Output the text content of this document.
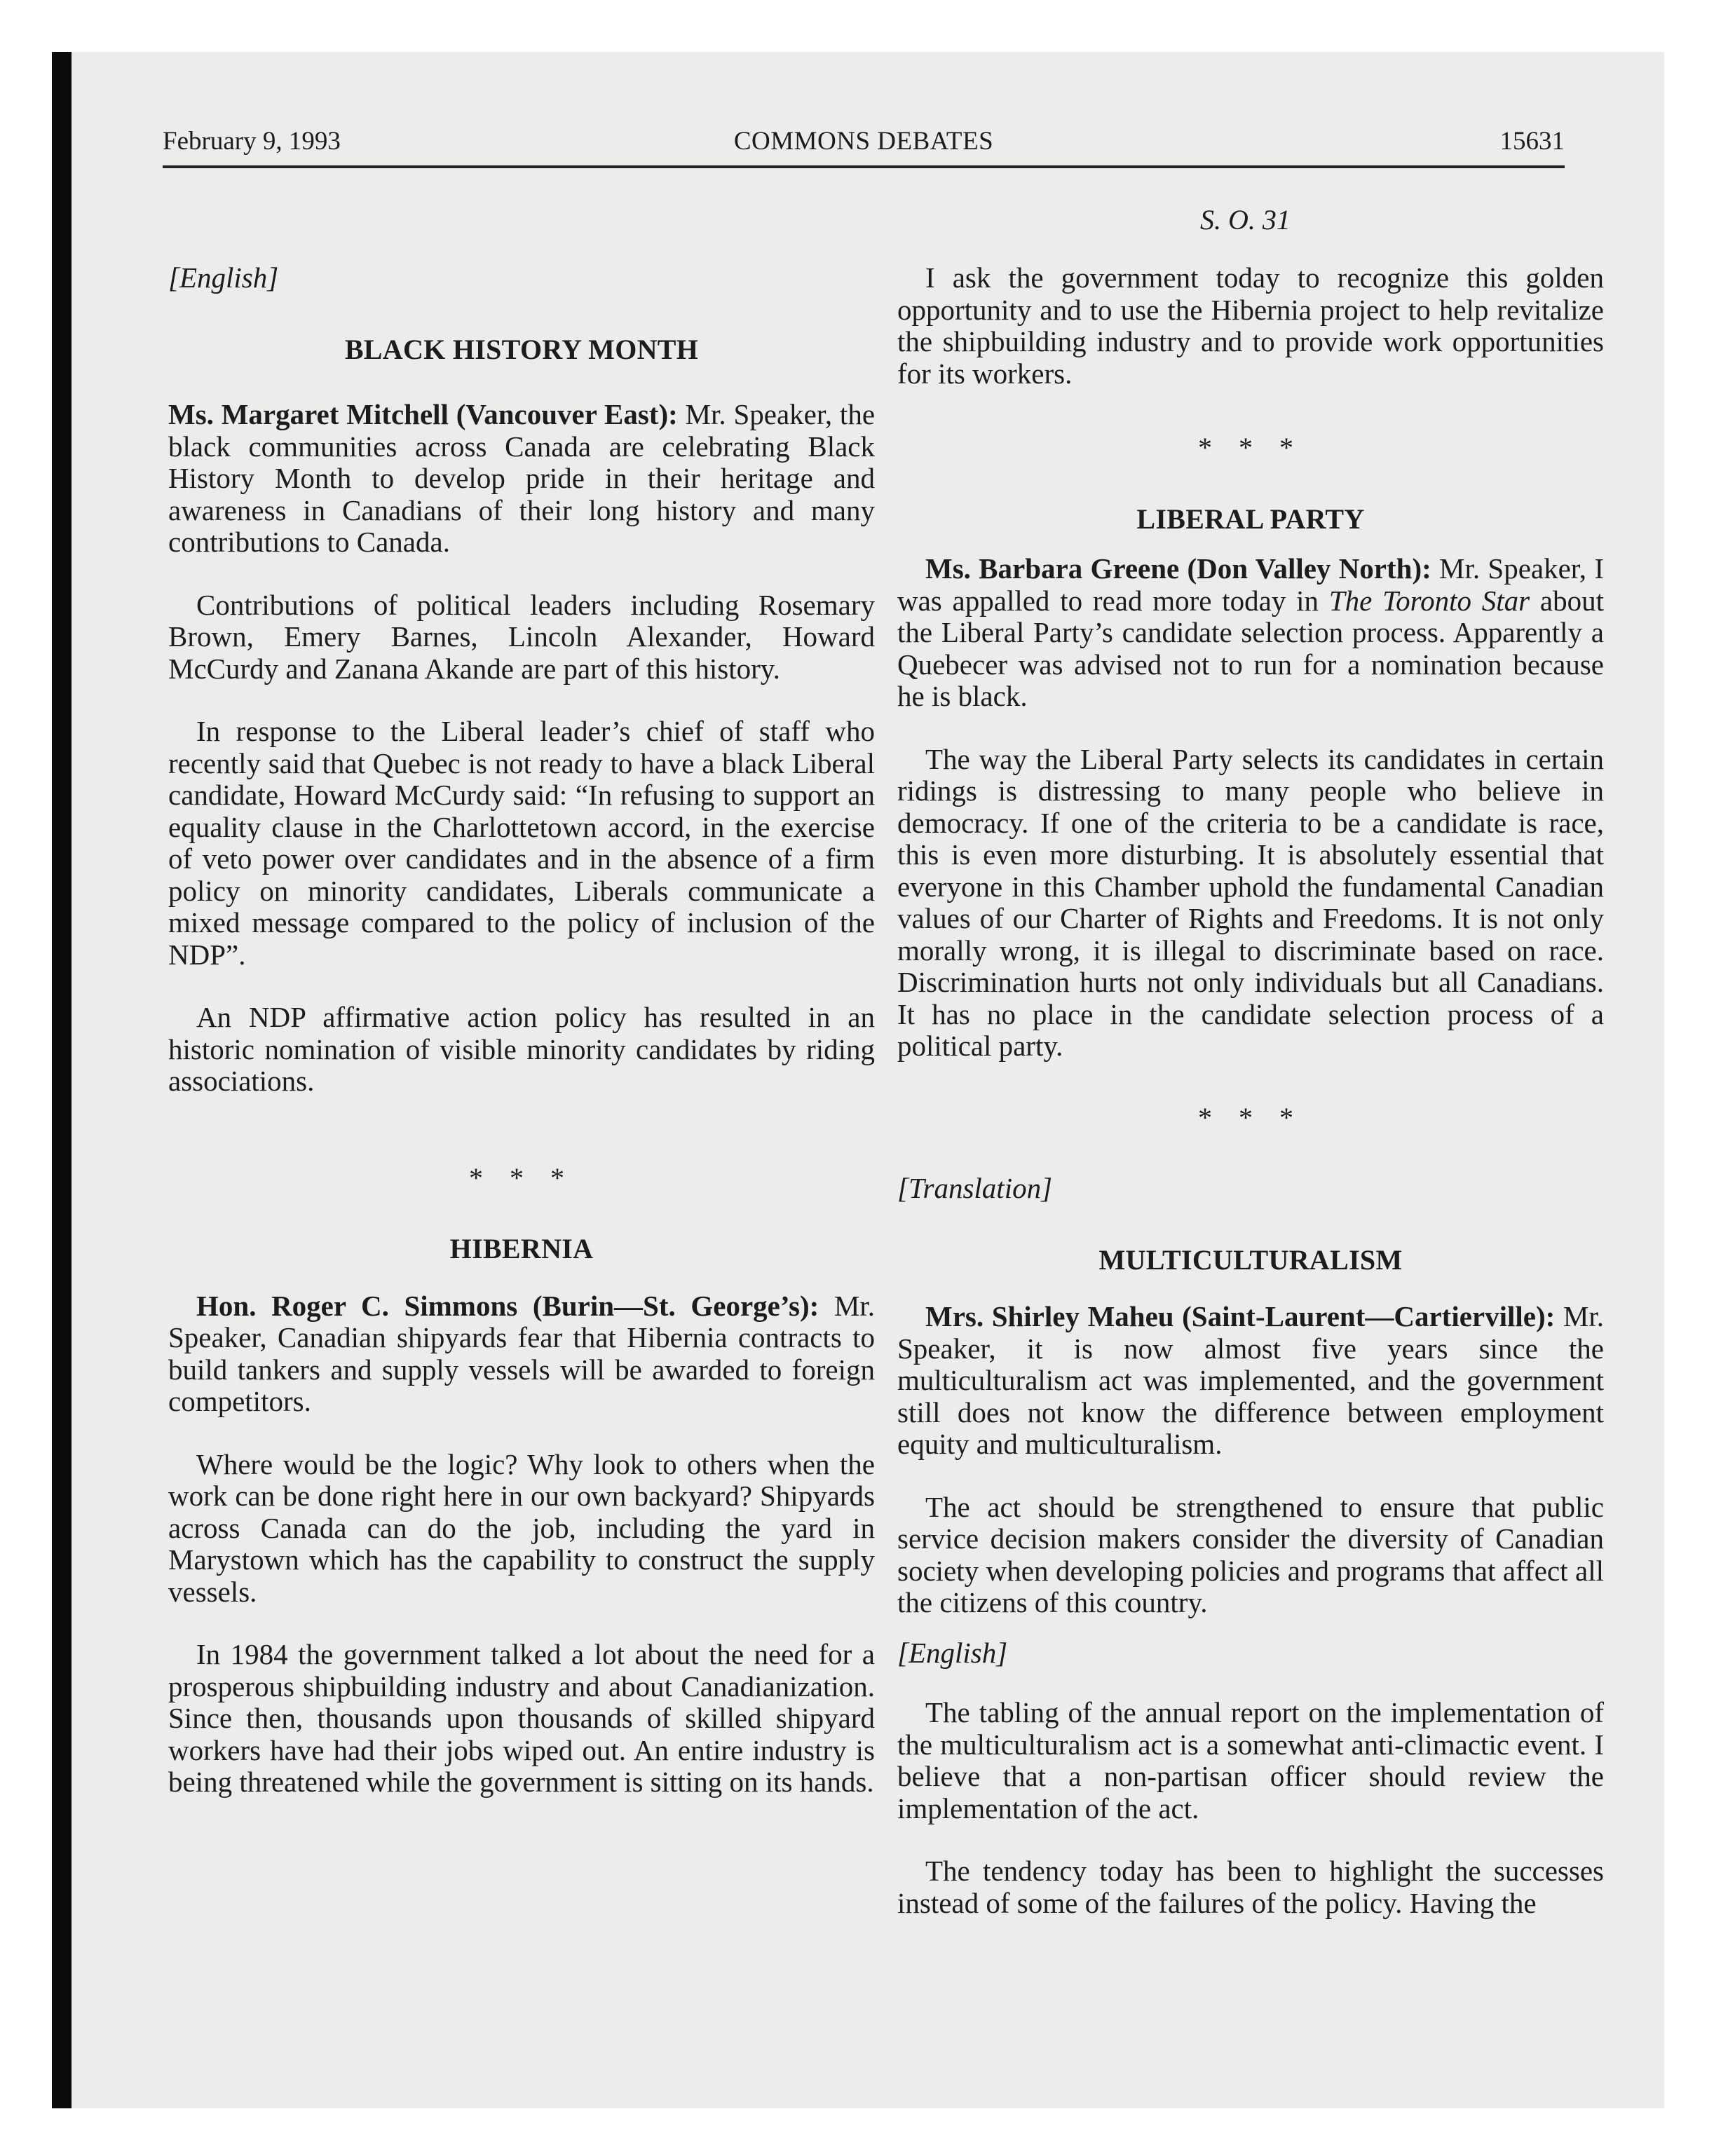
February 9, 1993	COMMONS DEBATES	15631
S. O. 31
[English]
BLACK HISTORY MONTH

Ms. Margaret Mitchell (Vancouver East): Mr. Speaker, the black communities across Canada are celebrating Black History Month to develop pride in their heritage and awareness in Canadians of their long history and many contributions to Canada.

Contributions of political leaders including Rosemary Brown, Emery Barnes, Lincoln Alexander, Howard McCurdy and Zanana Akande are part of this history.

In response to the Liberal leader’s chief of staff who recently said that Quebec is not ready to have a black Liberal candidate, Howard McCurdy said: “In refusing to support an equality clause in the Charlottetown accord, in the exercise of veto power over candidates and in the absence of a firm policy on minority candidates, Liberals communicate a mixed message compared to the policy of inclusion of the NDP”.

An NDP affirmative action policy has resulted in an historic nomination of visible minority candidates by riding associations.

* * *
HIBERNIA

Hon. Roger C. Simmons (Burin—St. George’s): Mr. Speaker, Canadian shipyards fear that Hibernia contracts to build tankers and supply vessels will be awarded to foreign competitors.

Where would be the logic? Why look to others when the work can be done right here in our own backyard? Shipyards across Canada can do the job, including the yard in Marystown which has the capability to construct the supply vessels.

In 1984 the government talked a lot about the need for a prosperous shipbuilding industry and about Canadianization. Since then, thousands upon thousands of skilled shipyard workers have had their jobs wiped out. An entire industry is being threatened while the government is sitting on its hands.

I ask the government today to recognize this golden opportunity and to use the Hibernia project to help revitalize the shipbuilding industry and to provide work opportunities for its workers.

* * *
LIBERAL PARTY

Ms. Barbara Greene (Don Valley North): Mr. Speaker, I was appalled to read more today in The Toronto Star about the Liberal Party’s candidate selection process. Apparently a Quebecer was advised not to run for a nomination because he is black.

The way the Liberal Party selects its candidates in certain ridings is distressing to many people who believe in democracy. If one of the criteria to be a candidate is race, this is even more disturbing. It is absolutely essential that everyone in this Chamber uphold the fundamental Canadian values of our Charter of Rights and Freedoms. It is not only morally wrong, it is illegal to discriminate based on race. Discrimination hurts not only individuals but all Canadians. It has no place in the candidate selection process of a political party.

* * *
[Translation]
MULTICULTURALISM

Mrs. Shirley Maheu (Saint-Laurent—Cartierville): Mr. Speaker, it is now almost five years since the multiculturalism act was implemented, and the government still does not know the difference between employment equity and multiculturalism.

The act should be strengthened to ensure that public service decision makers consider the diversity of Canadian society when developing policies and programs that affect all the citizens of this country.

[English]

The tabling of the annual report on the implementation of the multiculturalism act is a somewhat anti-climactic event. I believe that a non-partisan officer should review the implementation of the act.

The tendency today has been to highlight the successes instead of some of the failures of the policy. Having the
